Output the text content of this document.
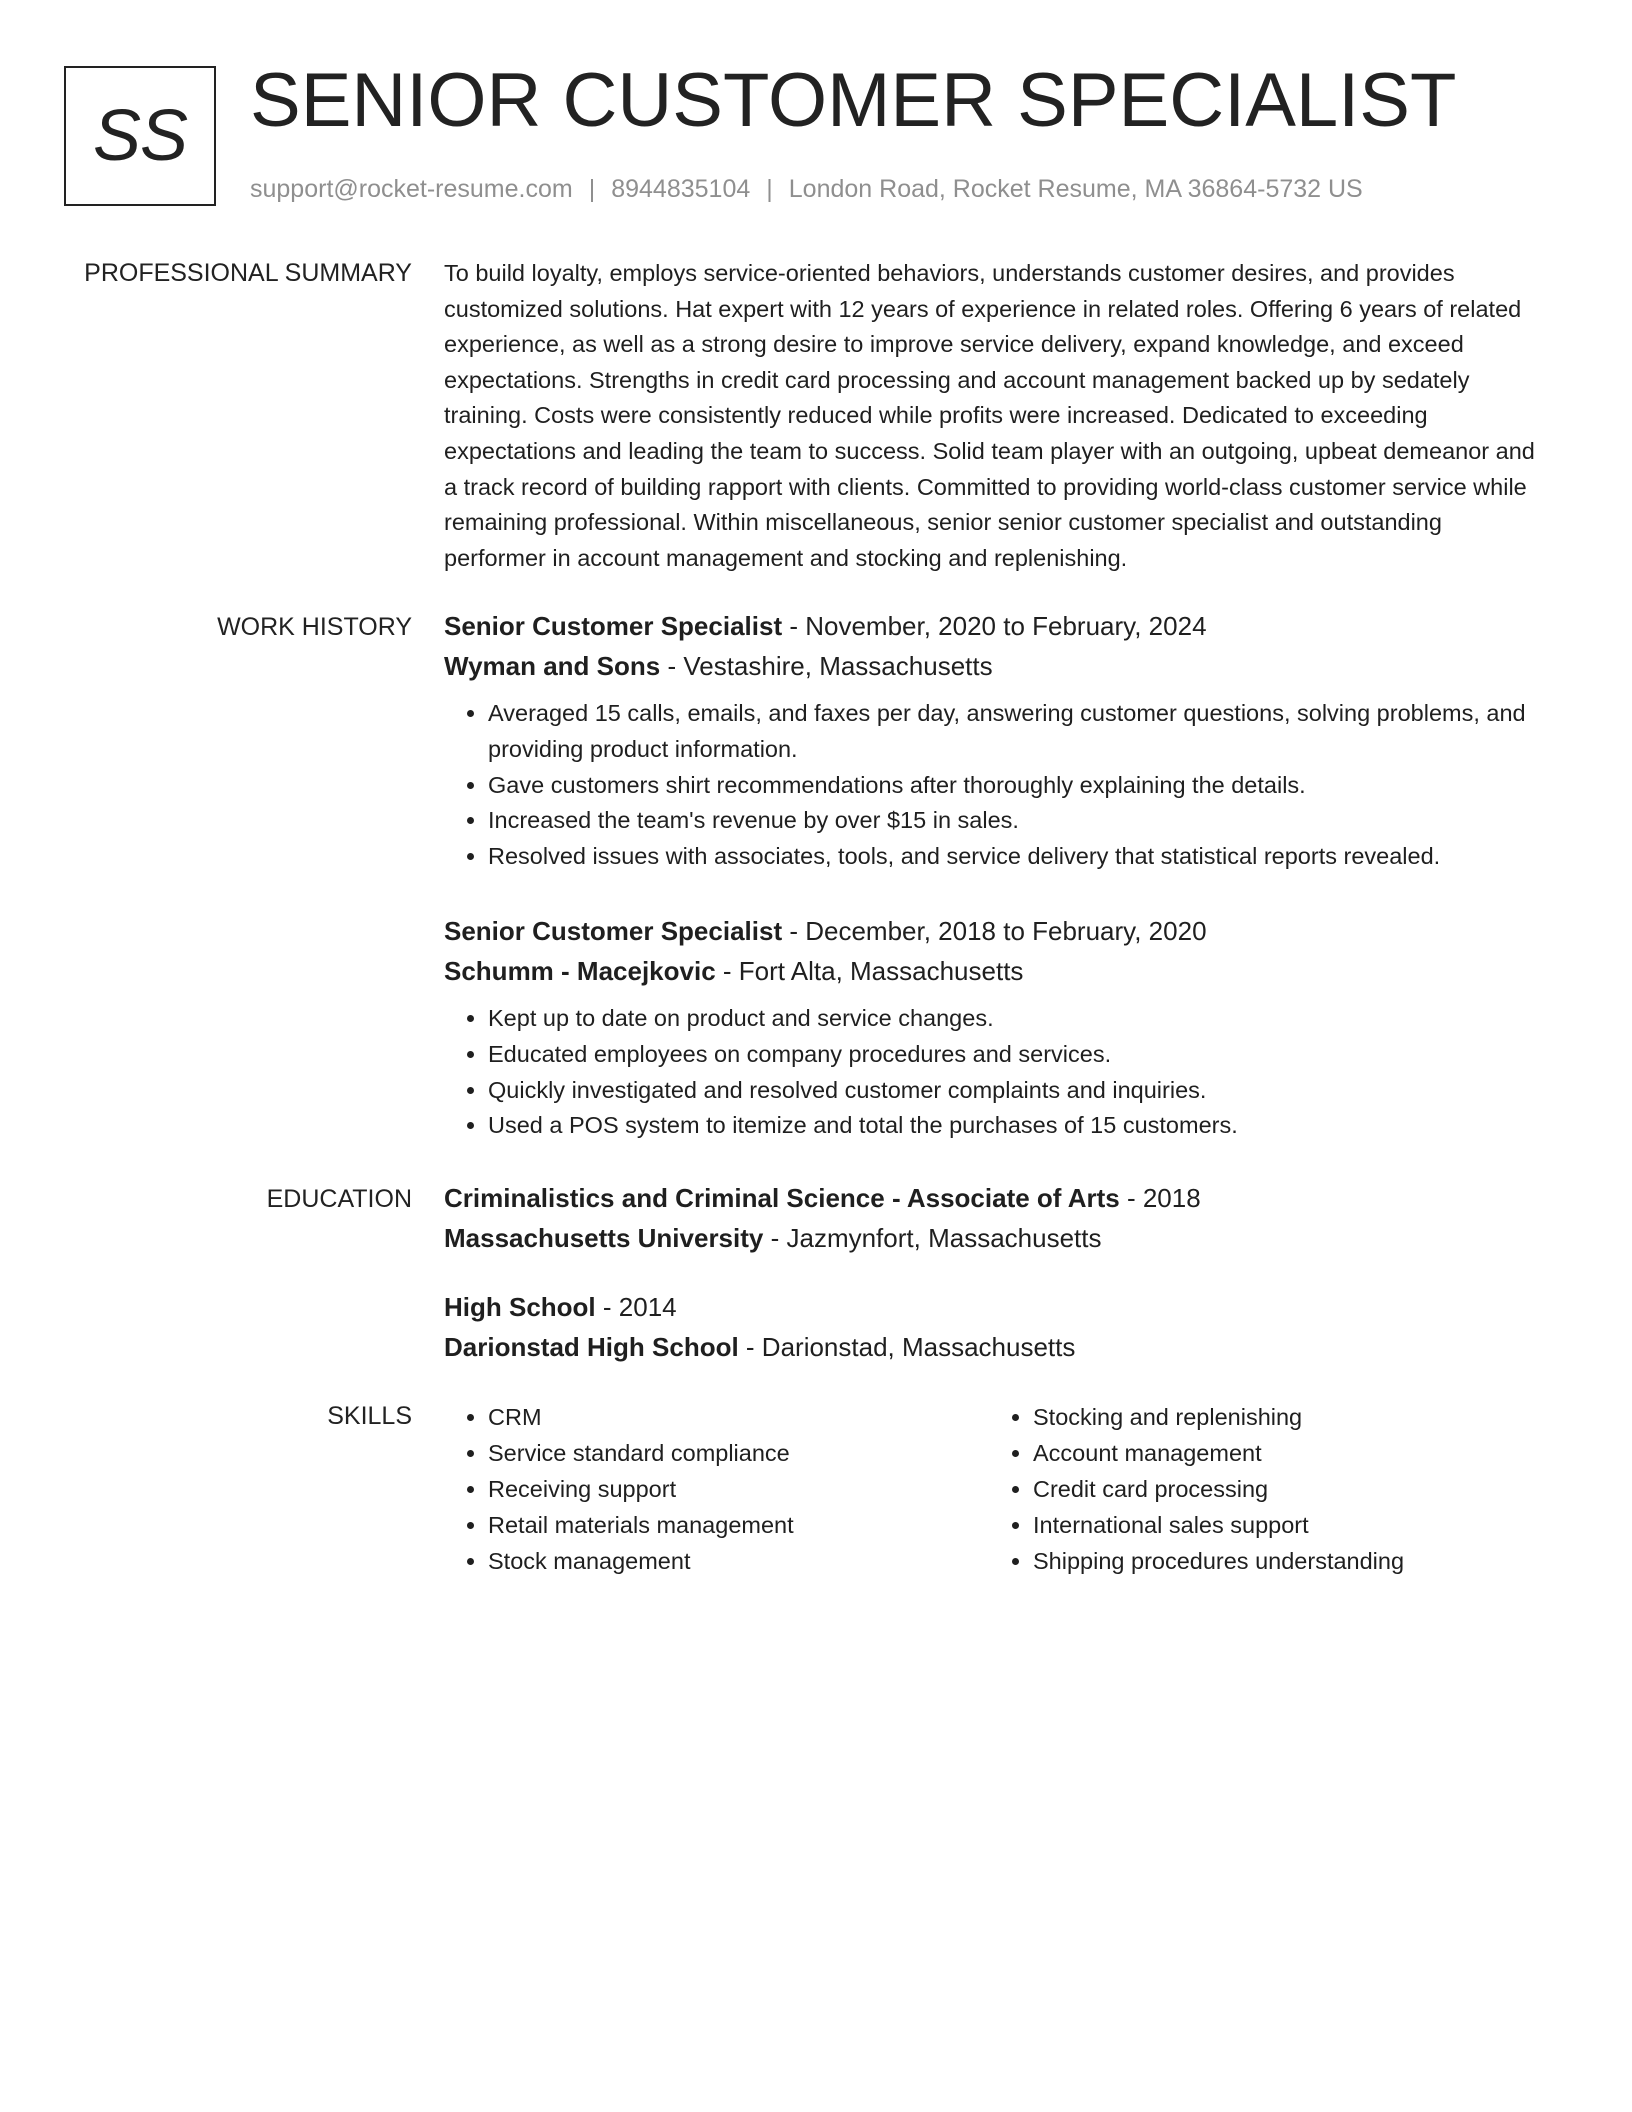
SS SENIOR CUSTOMER SPECIALIST
support@rocket-resume.com | 8944835104 | London Road, Rocket Resume, MA 36864-5732 US
PROFESSIONAL SUMMARY To build loyalty, employs service-oriented behaviors, understands customer desires, and provides customized solutions. Hat expert with 12 years of experience in related roles. Offering 6 years of related experience, as well as a strong desire to improve service delivery, expand knowledge, and exceed expectations. Strengths in credit card processing and account management backed up by sedately training. Costs were consistently reduced while profits were increased. Dedicated to exceeding expectations and leading the team to success. Solid team player with an outgoing, upbeat demeanor and a track record of building rapport with clients. Committed to providing world-class customer service while remaining professional. Within miscellaneous, senior senior customer specialist and outstanding performer in account management and stocking and replenishing.
WORK HISTORY Senior Customer Specialist - November, 2020 to February, 2024
Wyman and Sons - Vestashire, Massachusetts
• Averaged 15 calls, emails, and faxes per day, answering customer questions, solving problems, and providing product information.
• Gave customers shirt recommendations after thoroughly explaining the details.
• Increased the team's revenue by over $15 in sales.
• Resolved issues with associates, tools, and service delivery that statistical reports revealed.
Senior Customer Specialist - December, 2018 to February, 2020
Schumm - Macejkovic - Fort Alta, Massachusetts
• Kept up to date on product and service changes.
• Educated employees on company procedures and services.
• Quickly investigated and resolved customer complaints and inquiries.
• Used a POS system to itemize and total the purchases of 15 customers.
EDUCATION Criminalistics and Criminal Science - Associate of Arts - 2018
Massachusetts University - Jazmynfort, Massachusetts
High School - 2014
Darionstad High School - Darionstad, Massachusetts
SKILLS
•	CRM
• Service standard compliance
• Receiving support
• Retail materials management
• Stock management
• Stocking and replenishing
• Account management
• Credit card processing
• International sales support
• Shipping procedures understanding
